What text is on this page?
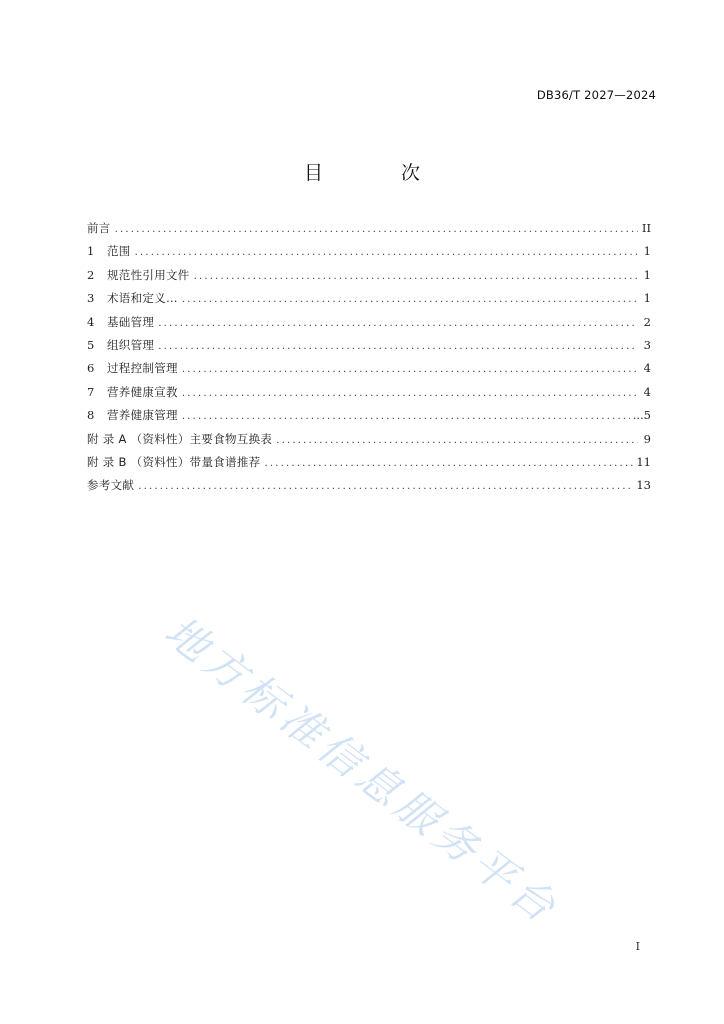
DB36/T 2027—2024
目 次
前言 .....	II
1	范围 .....	1
2	规范性引用文件 .....	1
3	术语和定义… .....	1
4	基础管理 .....	2
5	组织管理 .....	3
6	过程控制管理 .....	4
7	营养健康宣教 .....	4
8	营养健康管理 .....	...5
附 录 A （资料性）主要食物互换表 .....	9
附 录 B （资料性）带量食谱推荐 .....	11
参考文献 .....	13
地方标准信息服务平台
I
